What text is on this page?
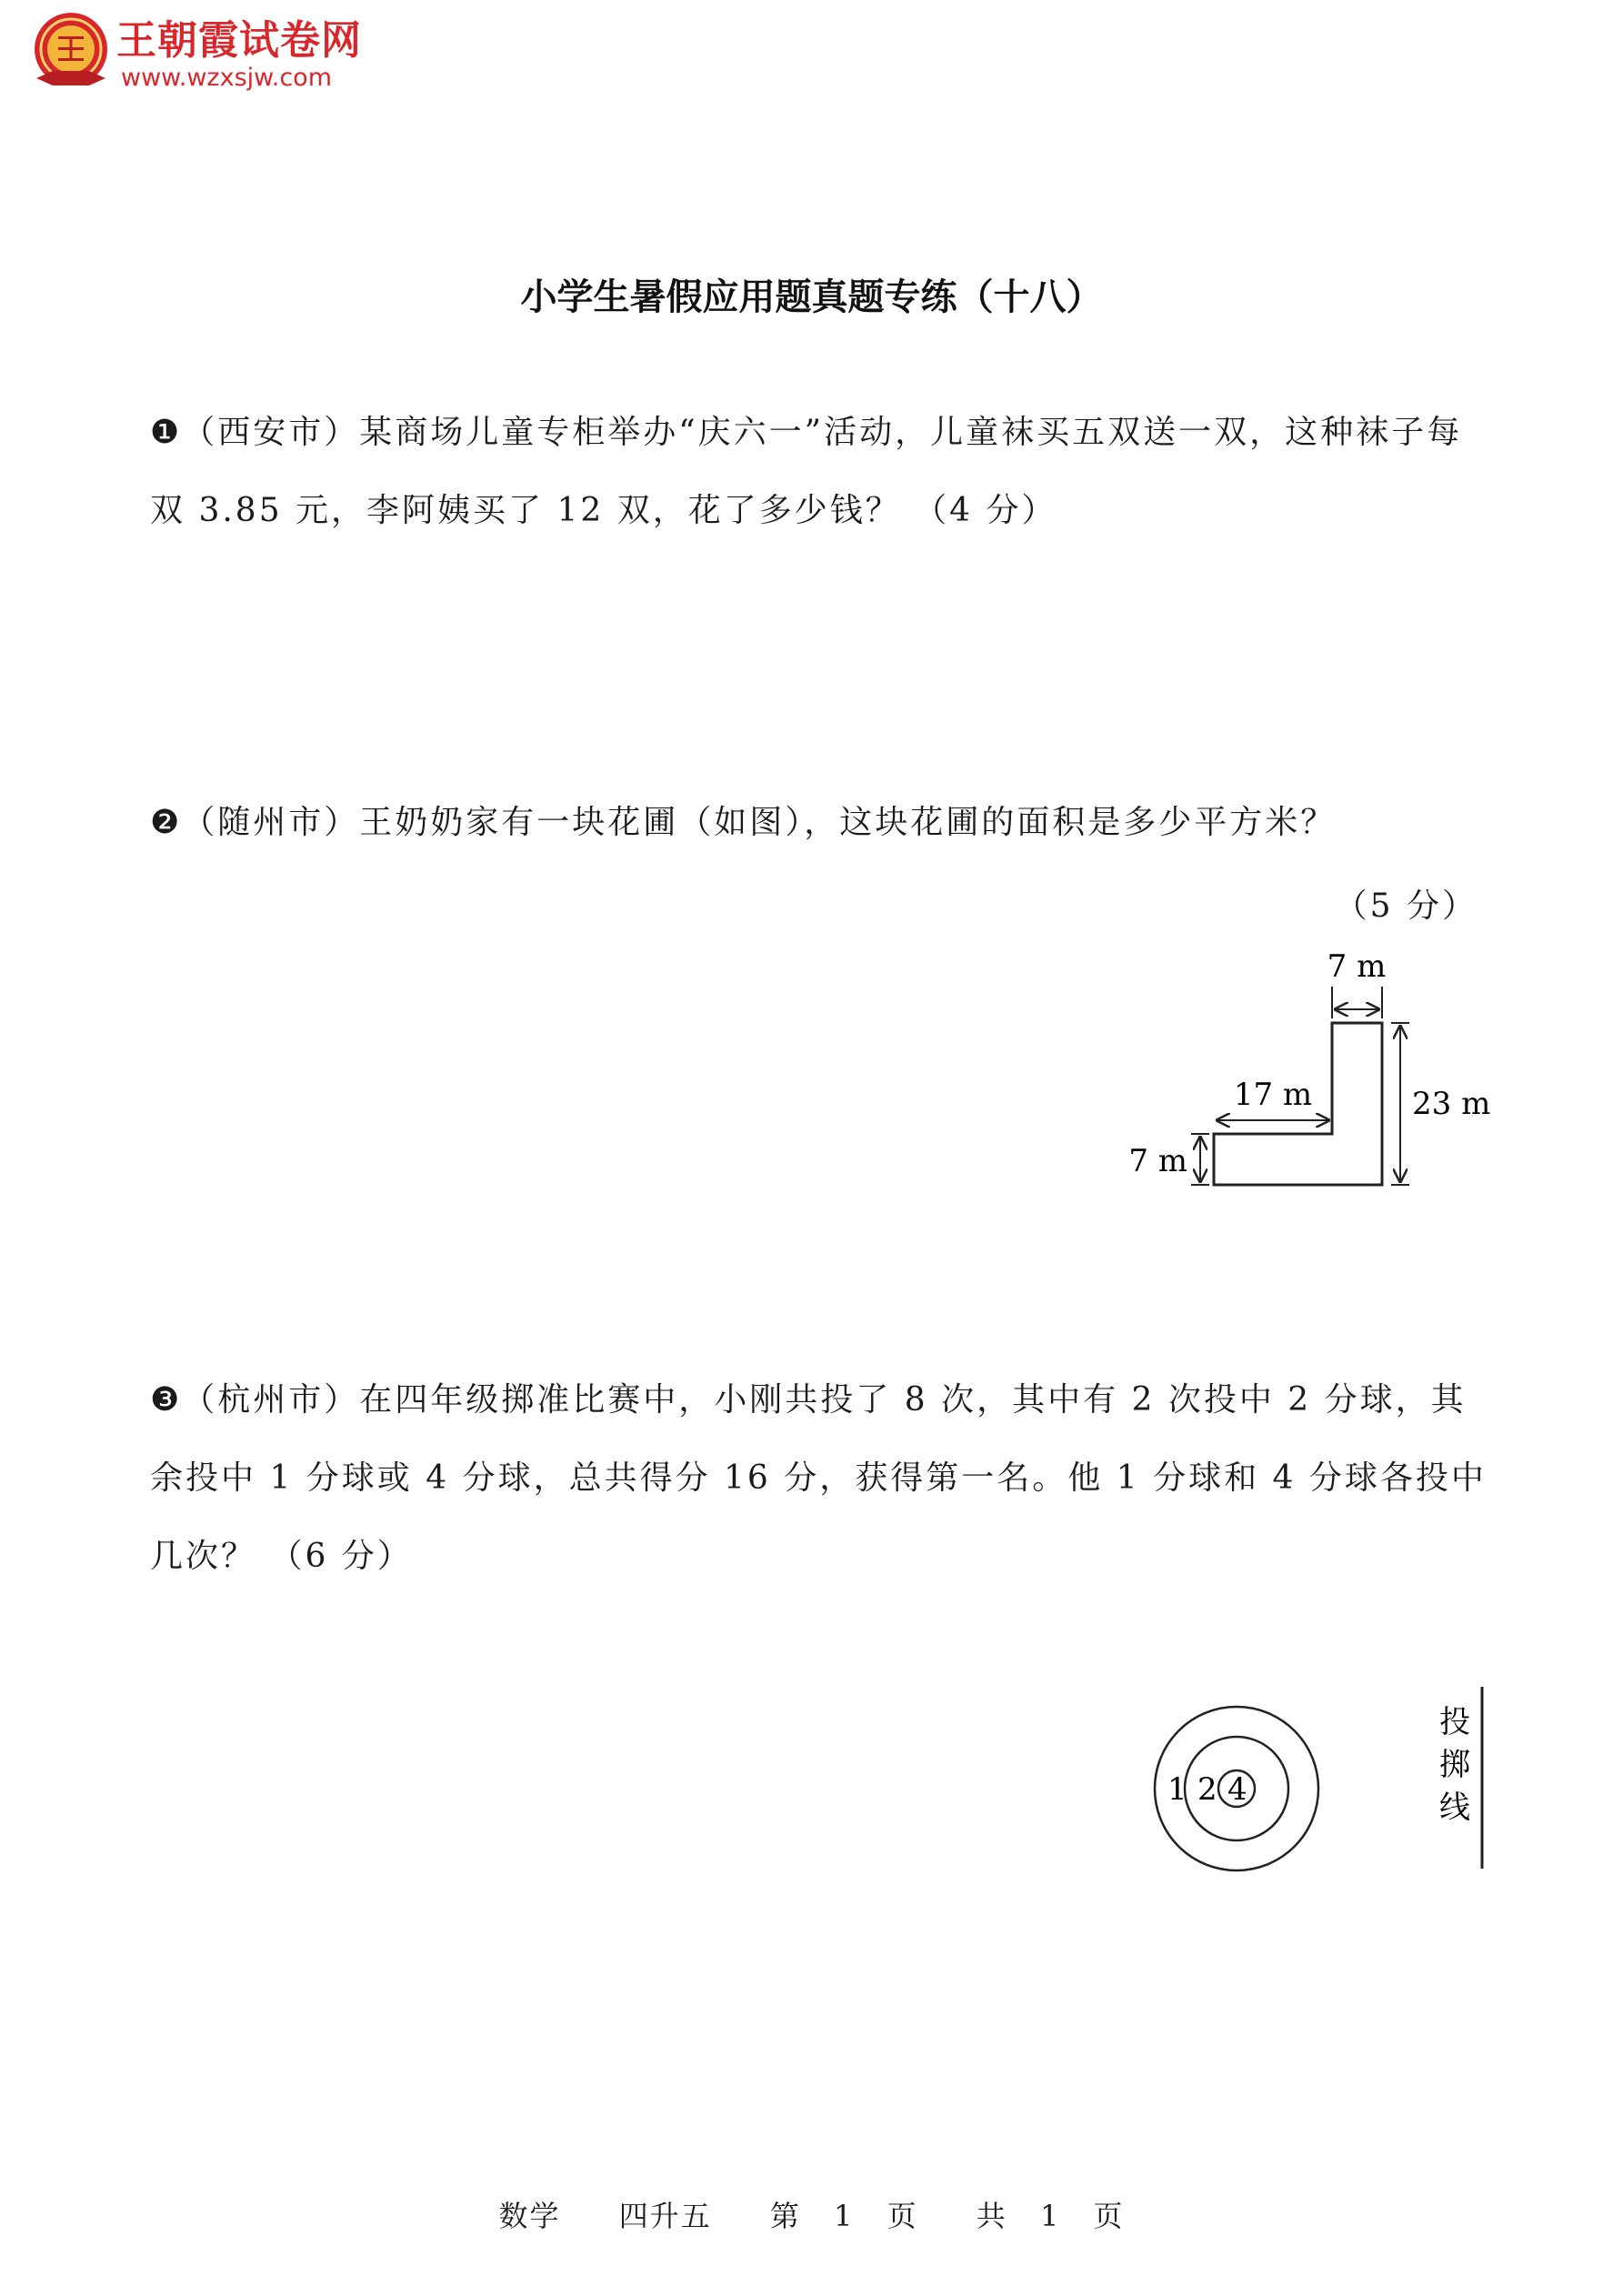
王朝霞试卷网
www.wzxsjw.com
小学生暑假应用题真题专练（十八）
❶（西安市）某商场儿童专柜举办“庆六一”活动，儿童袜买五双送一双，这种袜子每双 3.85 元，李阿姨买了 12 双，花了多少钱？ （4 分）
❷（随州市）王奶奶家有一块花圃（如图），这块花圃的面积是多少平方米？
（5 分）
7 m
17 m	23 m
7 m
❸（杭州市）在四年级掷准比赛中，小刚共投了 8 次，其中有 2 次投中 2 分球，其余投中 1 分球或 4 分球，总共得分 16 分，获得第一名。他 1 分球和 4 分球各投中几次？ （6 分）
1 2 4
投
掷
线
数学 四升五 第 1 页 共 1 页
